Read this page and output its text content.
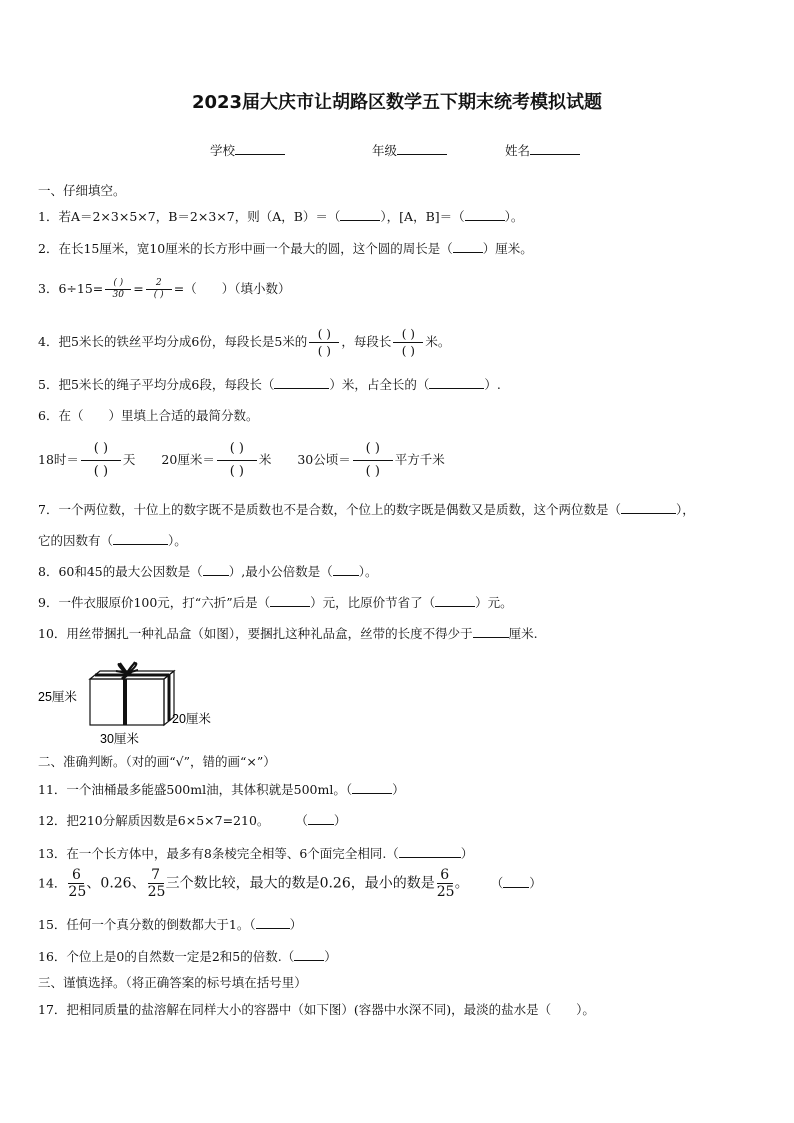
2023届大庆市让胡路区数学五下期末统考模拟试题
学校	年级	姓名
一、仔细填空。
1．若A＝2×3×5×7，B＝2×3×7，则（A，B）＝（	），[A，B]＝（	）。
2．在长15厘米，宽10厘米的长方形中画一个最大的圆，这个圆的周长是（ ）厘米。
3．$6\div 15= \frac{( )}{30} = \frac{2}{( )}$ =（　　）（填小数）
4．把5米长的铁丝平均分成6份，每段长是5米的 $\frac{( )}{( )}$ ，每段长 $\frac{( )}{( )}$ 米。
5．把5米长的绳子平均分成6段，每段长（	）米，占全长的（	）.
6．在（　　）里填上合适的最简分数。
18时＝ $\frac{( )}{( )}$ 天 20厘米＝ $\frac{( )}{( )}$ 米 30公顷＝ $\frac{( )}{( )}$ 平方千米
7．一个两位数，十位上的数字既不是质数也不是合数，个位上的数字既是偶数又是质数，这个两位数是（	），
它的因数有（	）。
8．60和45的最大公因数是（ ）,最小公倍数是（ ）。
9．一件衣服原价100元，打“六折”后是（	）元，比原价节省了（	）元。
10．用丝带捆扎一种礼品盒（如图），要捆扎这种礼品盒，丝带的长度不得少于	厘米.
25厘米
20厘米
30厘米
二、准确判断。（对的画“√”，错的画“×”）
11．一个油桶最多能盛500ml油，其体积就是500ml。（	）
12．把210分解质因数是6×5×7=210。 （ ）
13．在一个长方体中，最多有8条棱完全相等、6个面完全相同.（	）
14． $\frac{6}{25}$ 、0.26、 $\frac{7}{25}$ 三个数比较，最大的数是0.26，最小的数是 $\frac{6}{25}$ 。 （ ）
15．任何一个真分数的倒数都大于1。（	）
16．个位上是0的自然数一定是2和5的倍数.（ ）
三、谨慎选择。（将正确答案的标号填在括号里）
17．把相同质量的盐溶解在同样大小的容器中（如下图）(容器中水深不同)，最淡的盐水是（　　）。
